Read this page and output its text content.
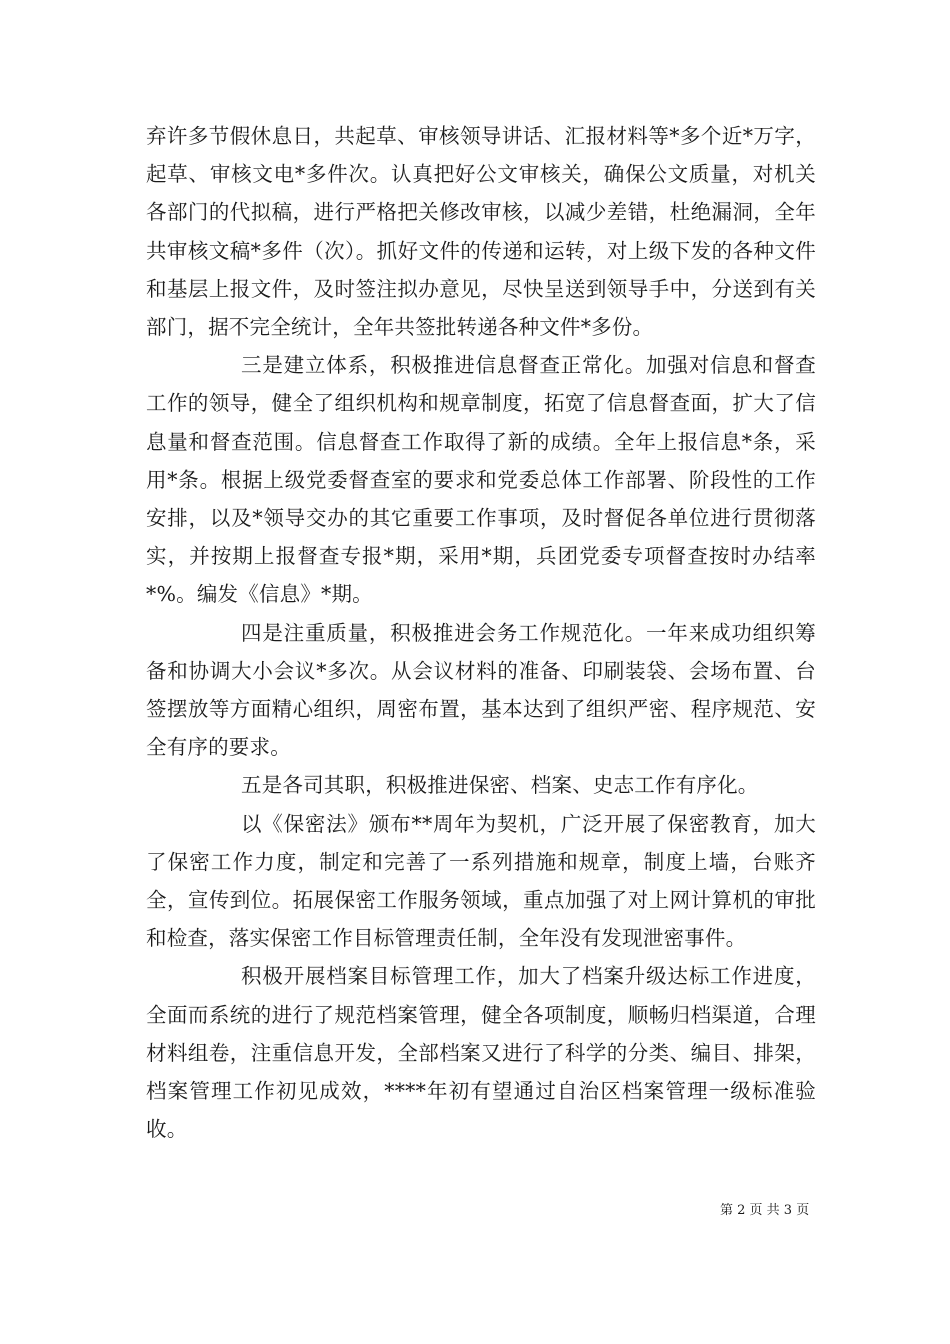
弃许多节假休息日，共起草、审核领导讲话、汇报材料等*多个近*万字，起草、审核文电*多件次。认真把好公文审核关，确保公文质量，对机关各部门的代拟稿，进行严格把关修改审核，以减少差错，杜绝漏洞，全年共审核文稿*多件（次）。抓好文件的传递和运转，对上级下发的各种文件和基层上报文件，及时签注拟办意见，尽快呈送到领导手中，分送到有关部门，据不完全统计，全年共签批转递各种文件*多份。

三是建立体系，积极推进信息督查正常化。加强对信息和督查工作的领导，健全了组织机构和规章制度，拓宽了信息督查面，扩大了信息量和督查范围。信息督查工作取得了新的成绩。全年上报信息*条，采用*条。根据上级党委督查室的要求和党委总体工作部署、阶段性的工作安排，以及*领导交办的其它重要工作事项，及时督促各单位进行贯彻落实，并按期上报督查专报*期，采用*期，兵团党委专项督查按时办结率*%。编发《信息》*期。

四是注重质量，积极推进会务工作规范化。一年来成功组织筹备和协调大小会议*多次。从会议材料的准备、印刷装袋、会场布置、台签摆放等方面精心组织，周密布置，基本达到了组织严密、程序规范、安全有序的要求。

五是各司其职，积极推进保密、档案、史志工作有序化。

以《保密法》颁布**周年为契机，广泛开展了保密教育，加大了保密工作力度，制定和完善了一系列措施和规章，制度上墙，台账齐全，宣传到位。拓展保密工作服务领域，重点加强了对上网计算机的审批和检查，落实保密工作目标管理责任制，全年没有发现泄密事件。

积极开展档案目标管理工作，加大了档案升级达标工作进度，全面而系统的进行了规范档案管理，健全各项制度，顺畅归档渠道，合理材料组卷，注重信息开发，全部档案又进行了科学的分类、编目、排架，档案管理工作初见成效，****年初有望通过自治区档案管理一级标准验收。

第 2 页 共 3 页
